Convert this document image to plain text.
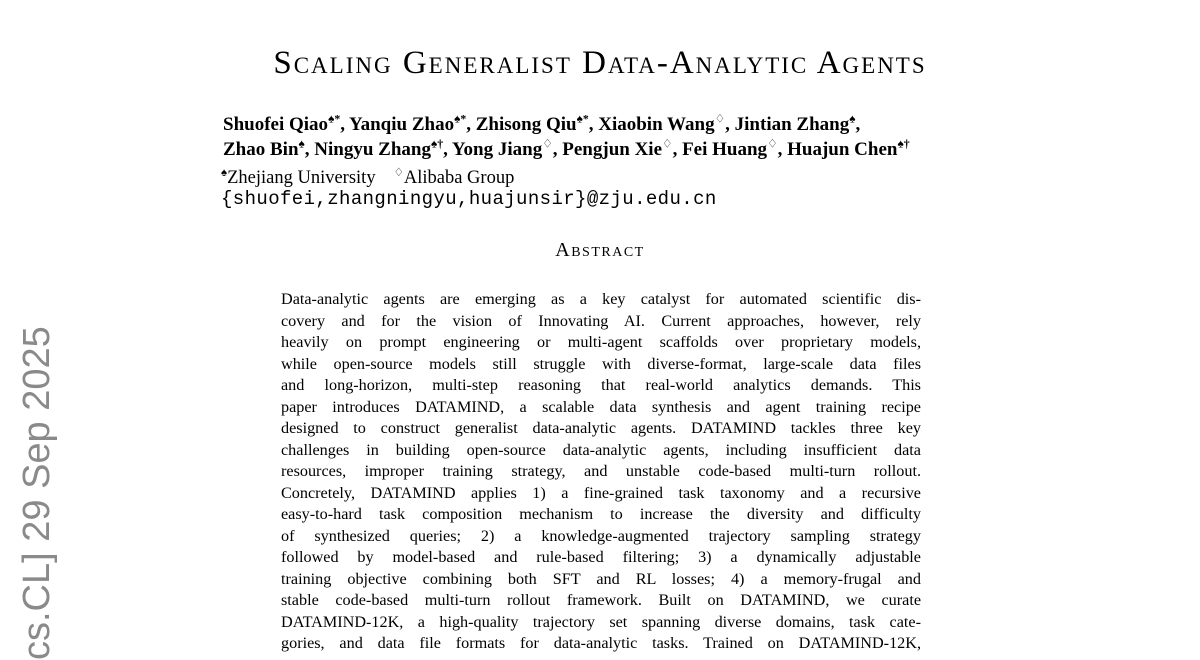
cs.CL] 29 Sep 2025
Scaling Generalist Data-Analytic Agents
Shuofei Qiao♠*, Yanqiu Zhao♠*, Zhisong Qiu♠*, Xiaobin Wang♢, Jintian Zhang♠,
Zhao Bin♠, Ningyu Zhang♠†, Yong Jiang♢, Pengjun Xie♢, Fei Huang♢, Huajun Chen♠†
♠Zhejiang University ♢Alibaba Group
{shuofei,zhangningyu,huajunsir}@zju.edu.cn
Abstract
Data-analytic agents are emerging as a key catalyst for automated scientific dis-
covery and for the vision of Innovating AI. Current approaches, however, rely
heavily on prompt engineering or multi-agent scaffolds over proprietary models,
while open-source models still struggle with diverse-format, large-scale data files
and long-horizon, multi-step reasoning that real-world analytics demands. This
paper introduces DATAMIND, a scalable data synthesis and agent training recipe
designed to construct generalist data-analytic agents. DATAMIND tackles three key
challenges in building open-source data-analytic agents, including insufficient data
resources, improper training strategy, and unstable code-based multi-turn rollout.
Concretely, DATAMIND applies 1) a fine-grained task taxonomy and a recursive
easy-to-hard task composition mechanism to increase the diversity and difficulty
of synthesized queries; 2) a knowledge-augmented trajectory sampling strategy
followed by model-based and rule-based filtering; 3) a dynamically adjustable
training objective combining both SFT and RL losses; 4) a memory-frugal and
stable code-based multi-turn rollout framework. Built on DATAMIND, we curate
DATAMIND-12K, a high-quality trajectory set spanning diverse domains, task cate-
gories, and data file formats for data-analytic tasks. Trained on DATAMIND-12K,
